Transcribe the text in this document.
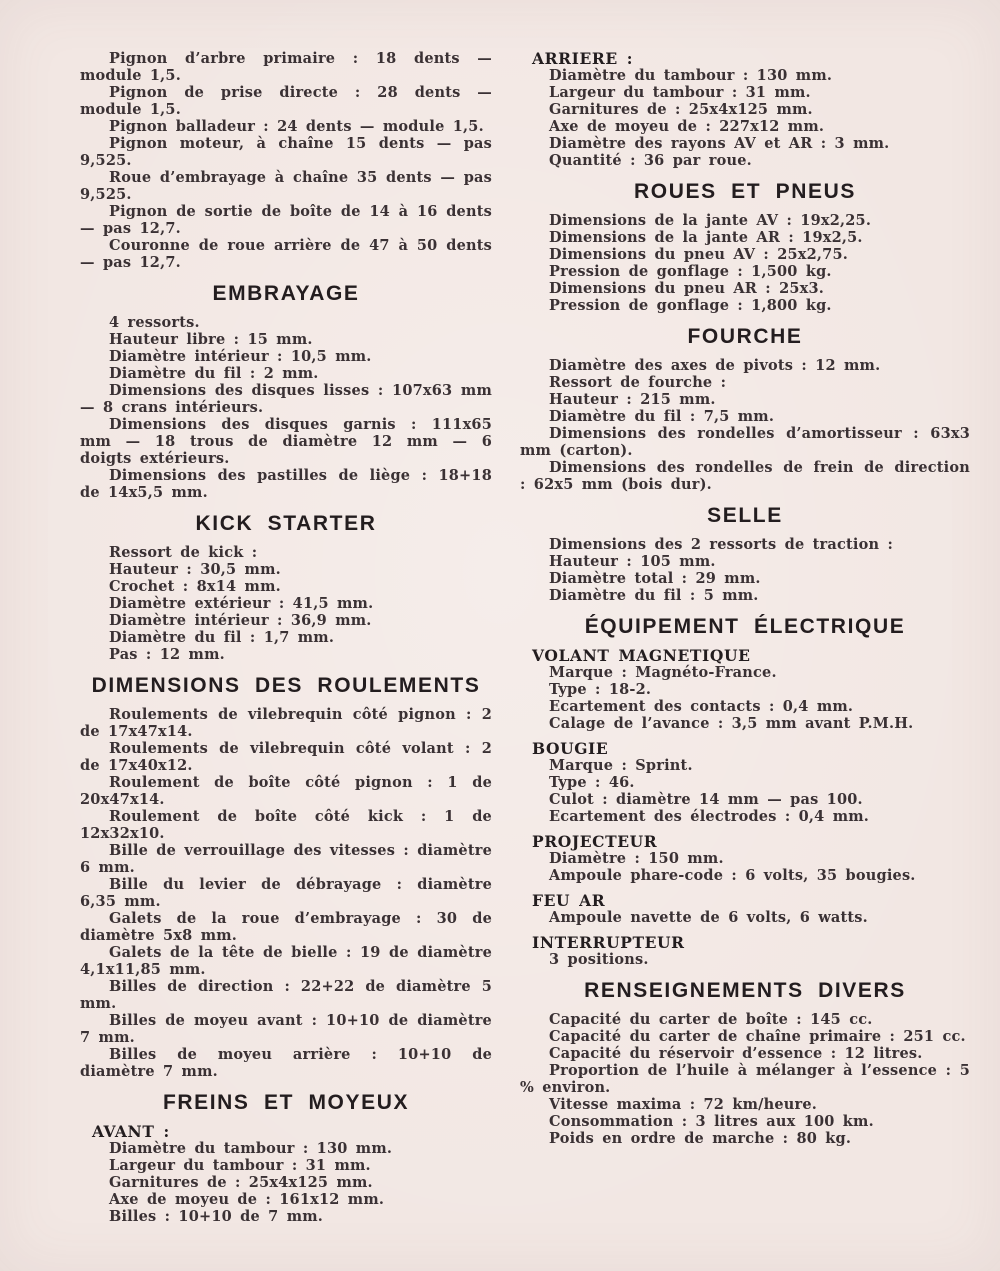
Pignon d’arbre primaire : 18 dents — module 1,5.

Pignon de prise directe : 28 dents — module 1,5.

Pignon balladeur : 24 dents — module 1,5.

Pignon moteur, à chaîne 15 dents — pas 9,525.

Roue d’embrayage à chaîne 35 dents — pas 9,525.

Pignon de sortie de boîte de 14 à 16 dents — pas 12,7.

Couronne de roue arrière de 47 à 50 dents — pas 12,7.

EMBRAYAGE

4 ressorts.

Hauteur libre : 15 mm.

Diamètre intérieur : 10,5 mm.

Diamètre du fil : 2 mm.

Dimensions des disques lisses : 107x63 mm — 8 crans intérieurs.

Dimensions des disques garnis : 111x65 mm — 18 trous de diamètre 12 mm — 6 doigts extérieurs.

Dimensions des pastilles de liège : 18+18 de 14x5,5 mm.

KICK STARTER

Ressort de kick :

Hauteur : 30,5 mm.

Crochet : 8x14 mm.

Diamètre extérieur : 41,5 mm.

Diamètre intérieur : 36,9 mm.

Diamètre du fil : 1,7 mm.

Pas : 12 mm.

DIMENSIONS DES ROULEMENTS

Roulements de vilebrequin côté pignon : 2 de 17x47x14.

Roulements de vilebrequin côté volant : 2 de 17x40x12.

Roulement de boîte côté pignon : 1 de 20x47x14.

Roulement de boîte côté kick : 1 de 12x32x10.

Bille de verrouillage des vitesses : diamètre 6 mm.

Bille du levier de débrayage : diamètre 6,35 mm.

Galets de la roue d’embrayage : 30 de diamètre 5x8 mm.

Galets de la tête de bielle : 19 de diamètre 4,1x11,85 mm.

Billes de direction : 22+22 de diamètre 5 mm.

Billes de moyeu avant : 10+10 de diamètre 7 mm.

Billes de moyeu arrière : 10+10 de diamètre 7 mm.

FREINS ET MOYEUX
AVANT :

Diamètre du tambour : 130 mm.

Largeur du tambour : 31 mm.

Garnitures de : 25x4x125 mm.

Axe de moyeu de : 161x12 mm.

Billes : 10+10 de 7 mm.

ARRIERE :

Diamètre du tambour : 130 mm.

Largeur du tambour : 31 mm.

Garnitures de : 25x4x125 mm.

Axe de moyeu de : 227x12 mm.

Diamètre des rayons AV et AR : 3 mm.

Quantité : 36 par roue.

ROUES ET PNEUS

Dimensions de la jante AV : 19x2,25.

Dimensions de la jante AR : 19x2,5.

Dimensions du pneu AV : 25x2,75.

Pression de gonflage : 1,500 kg.

Dimensions du pneu AR : 25x3.

Pression de gonflage : 1,800 kg.

FOURCHE

Diamètre des axes de pivots : 12 mm.

Ressort de fourche :

Hauteur : 215 mm.

Diamètre du fil : 7,5 mm.

Dimensions des rondelles d’amortisseur : 63x3 mm (carton).

Dimensions des rondelles de frein de direction : 62x5 mm (bois dur).

SELLE

Dimensions des 2 ressorts de traction :

Hauteur : 105 mm.

Diamètre total : 29 mm.

Diamètre du fil : 5 mm.

ÉQUIPEMENT ÉLECTRIQUE
VOLANT MAGNETIQUE

Marque : Magnéto-France.

Type : 18-2.

Ecartement des contacts : 0,4 mm.

Calage de l’avance : 3,5 mm avant P.M.H.

BOUGIE

Marque : Sprint.

Type : 46.

Culot : diamètre 14 mm — pas 100.

Ecartement des électrodes : 0,4 mm.

PROJECTEUR

Diamètre : 150 mm.

Ampoule phare-code : 6 volts, 35 bougies.

FEU AR

Ampoule navette de 6 volts, 6 watts.

INTERRUPTEUR

3 positions.

RENSEIGNEMENTS DIVERS

Capacité du carter de boîte : 145 cc.

Capacité du carter de chaîne primaire : 251 cc.

Capacité du réservoir d’essence : 12 litres.

Proportion de l’huile à mélanger à l’essence : 5 % environ.

Vitesse maxima : 72 km/heure.

Consommation : 3 litres aux 100 km.

Poids en ordre de marche : 80 kg.
